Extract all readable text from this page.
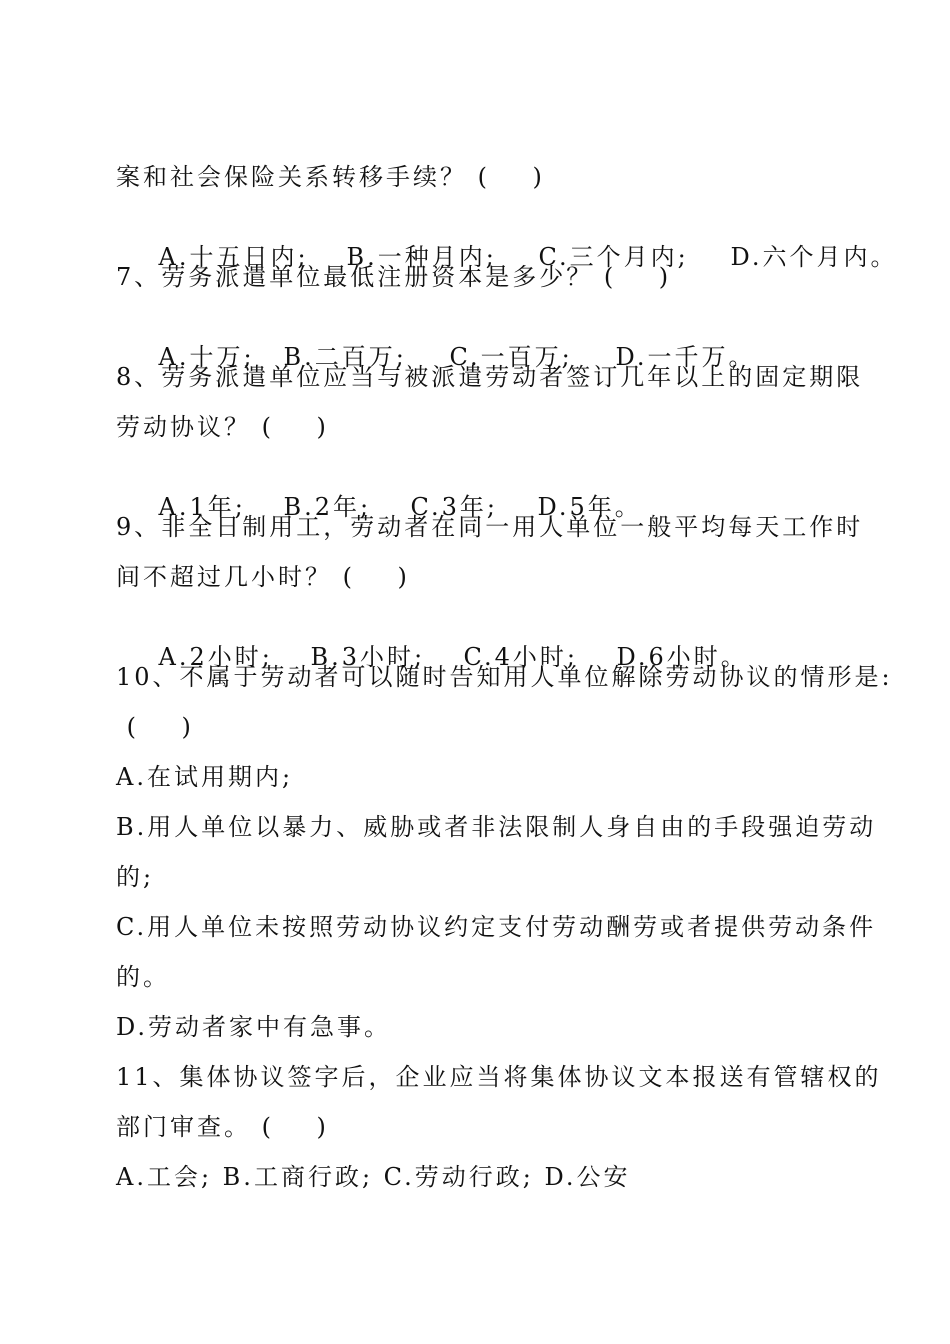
案和社会保险关系转移手续？ (    )

A.十五日内; B.一种月内; C.三个月内; D.六个月内。

7、劳务派遣单位最低注册资本是多少？ (    )

A.十万; B.二百万; C.一百万; D.一千万。

8、劳务派遣单位应当与被派遣劳动者签订几年以上的固定期限
劳动协议？ (    )

A.1年; B.2年; C.3年; D.5年。

9、非全日制用工，劳动者在同一用人单位一般平均每天工作时
间不超过几小时？ (    )

A.2小时; B.3小时; C.4小时; D.6小时。

10、不属于劳动者可以随时告知用人单位解除劳动协议的情形是:
(    )
A.在试用期内;
B.用人单位以暴力、威胁或者非法限制人身自由的手段强迫劳动
的;
C.用人单位未按照劳动协议约定支付劳动酬劳或者提供劳动条件
的。
D.劳动者家中有急事。
11、集体协议签字后，企业应当将集体协议文本报送有管辖权的
部门审查。 (    )
A.工会; B.工商行政; C.劳动行政; D.公安
